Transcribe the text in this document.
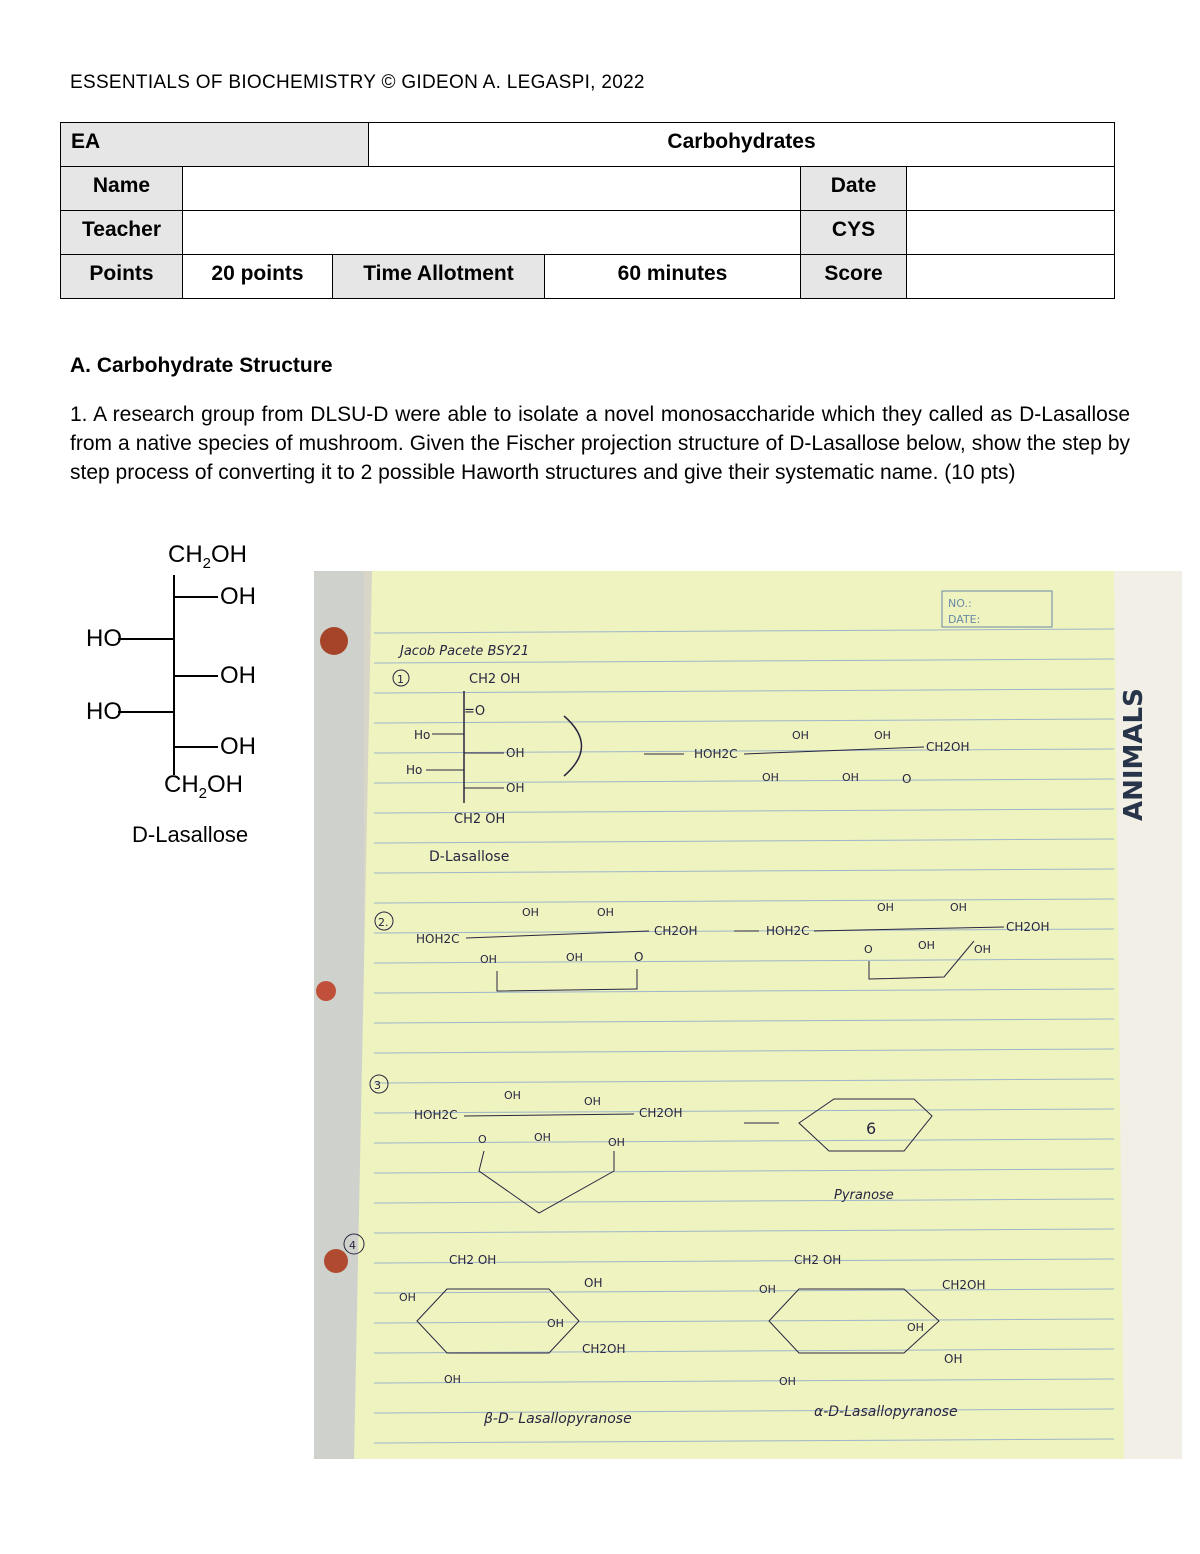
ESSENTIALS OF BIOCHEMISTRY © GIDEON A. LEGASPI, 2022
EA			Carbohydrates			

Name					Date	

Teacher					CYS	

Points	20 points	Time Allotment		60 minutes	Score	

A. Carbohydrate Structure
1. A research group from DLSU-D were able to isolate a novel monosaccharide which they called as D-Lasallose from a native species of mushroom. Given the Fischer projection structure of D-Lasallose below, show the step by step process of converting it to 2 possible Haworth structures and give their systematic name. (10 pts)
$CH_2OH$
OH
HO
OH
HO
OH
$CH_2OH$
D-Lasallose
ANIMALS
NO.:
DATE:
Jacob Pacete BSY21
1	CH2 OH
=O
Ho
OH
Ho
OH
CH2 OH
D-Lasallose
HOH2C
OH	OH
OH	OH	O
CH2OH
2.
HOH2C
OH	OH
OH	OH	O
CH2OH	HOH2C
OH	OH
O	OH	OH
CH2OH
3
HOH2C
OH	OH
O	OH	OH
CH2OH
6
Pyranose
4
CH2 OH
OH
OH
OH
CH2OH
OH
β-D- Lasallopyranose
CH2 OH
OH
OH
CH2OH
OH
OH
α-D-Lasallopyranose
